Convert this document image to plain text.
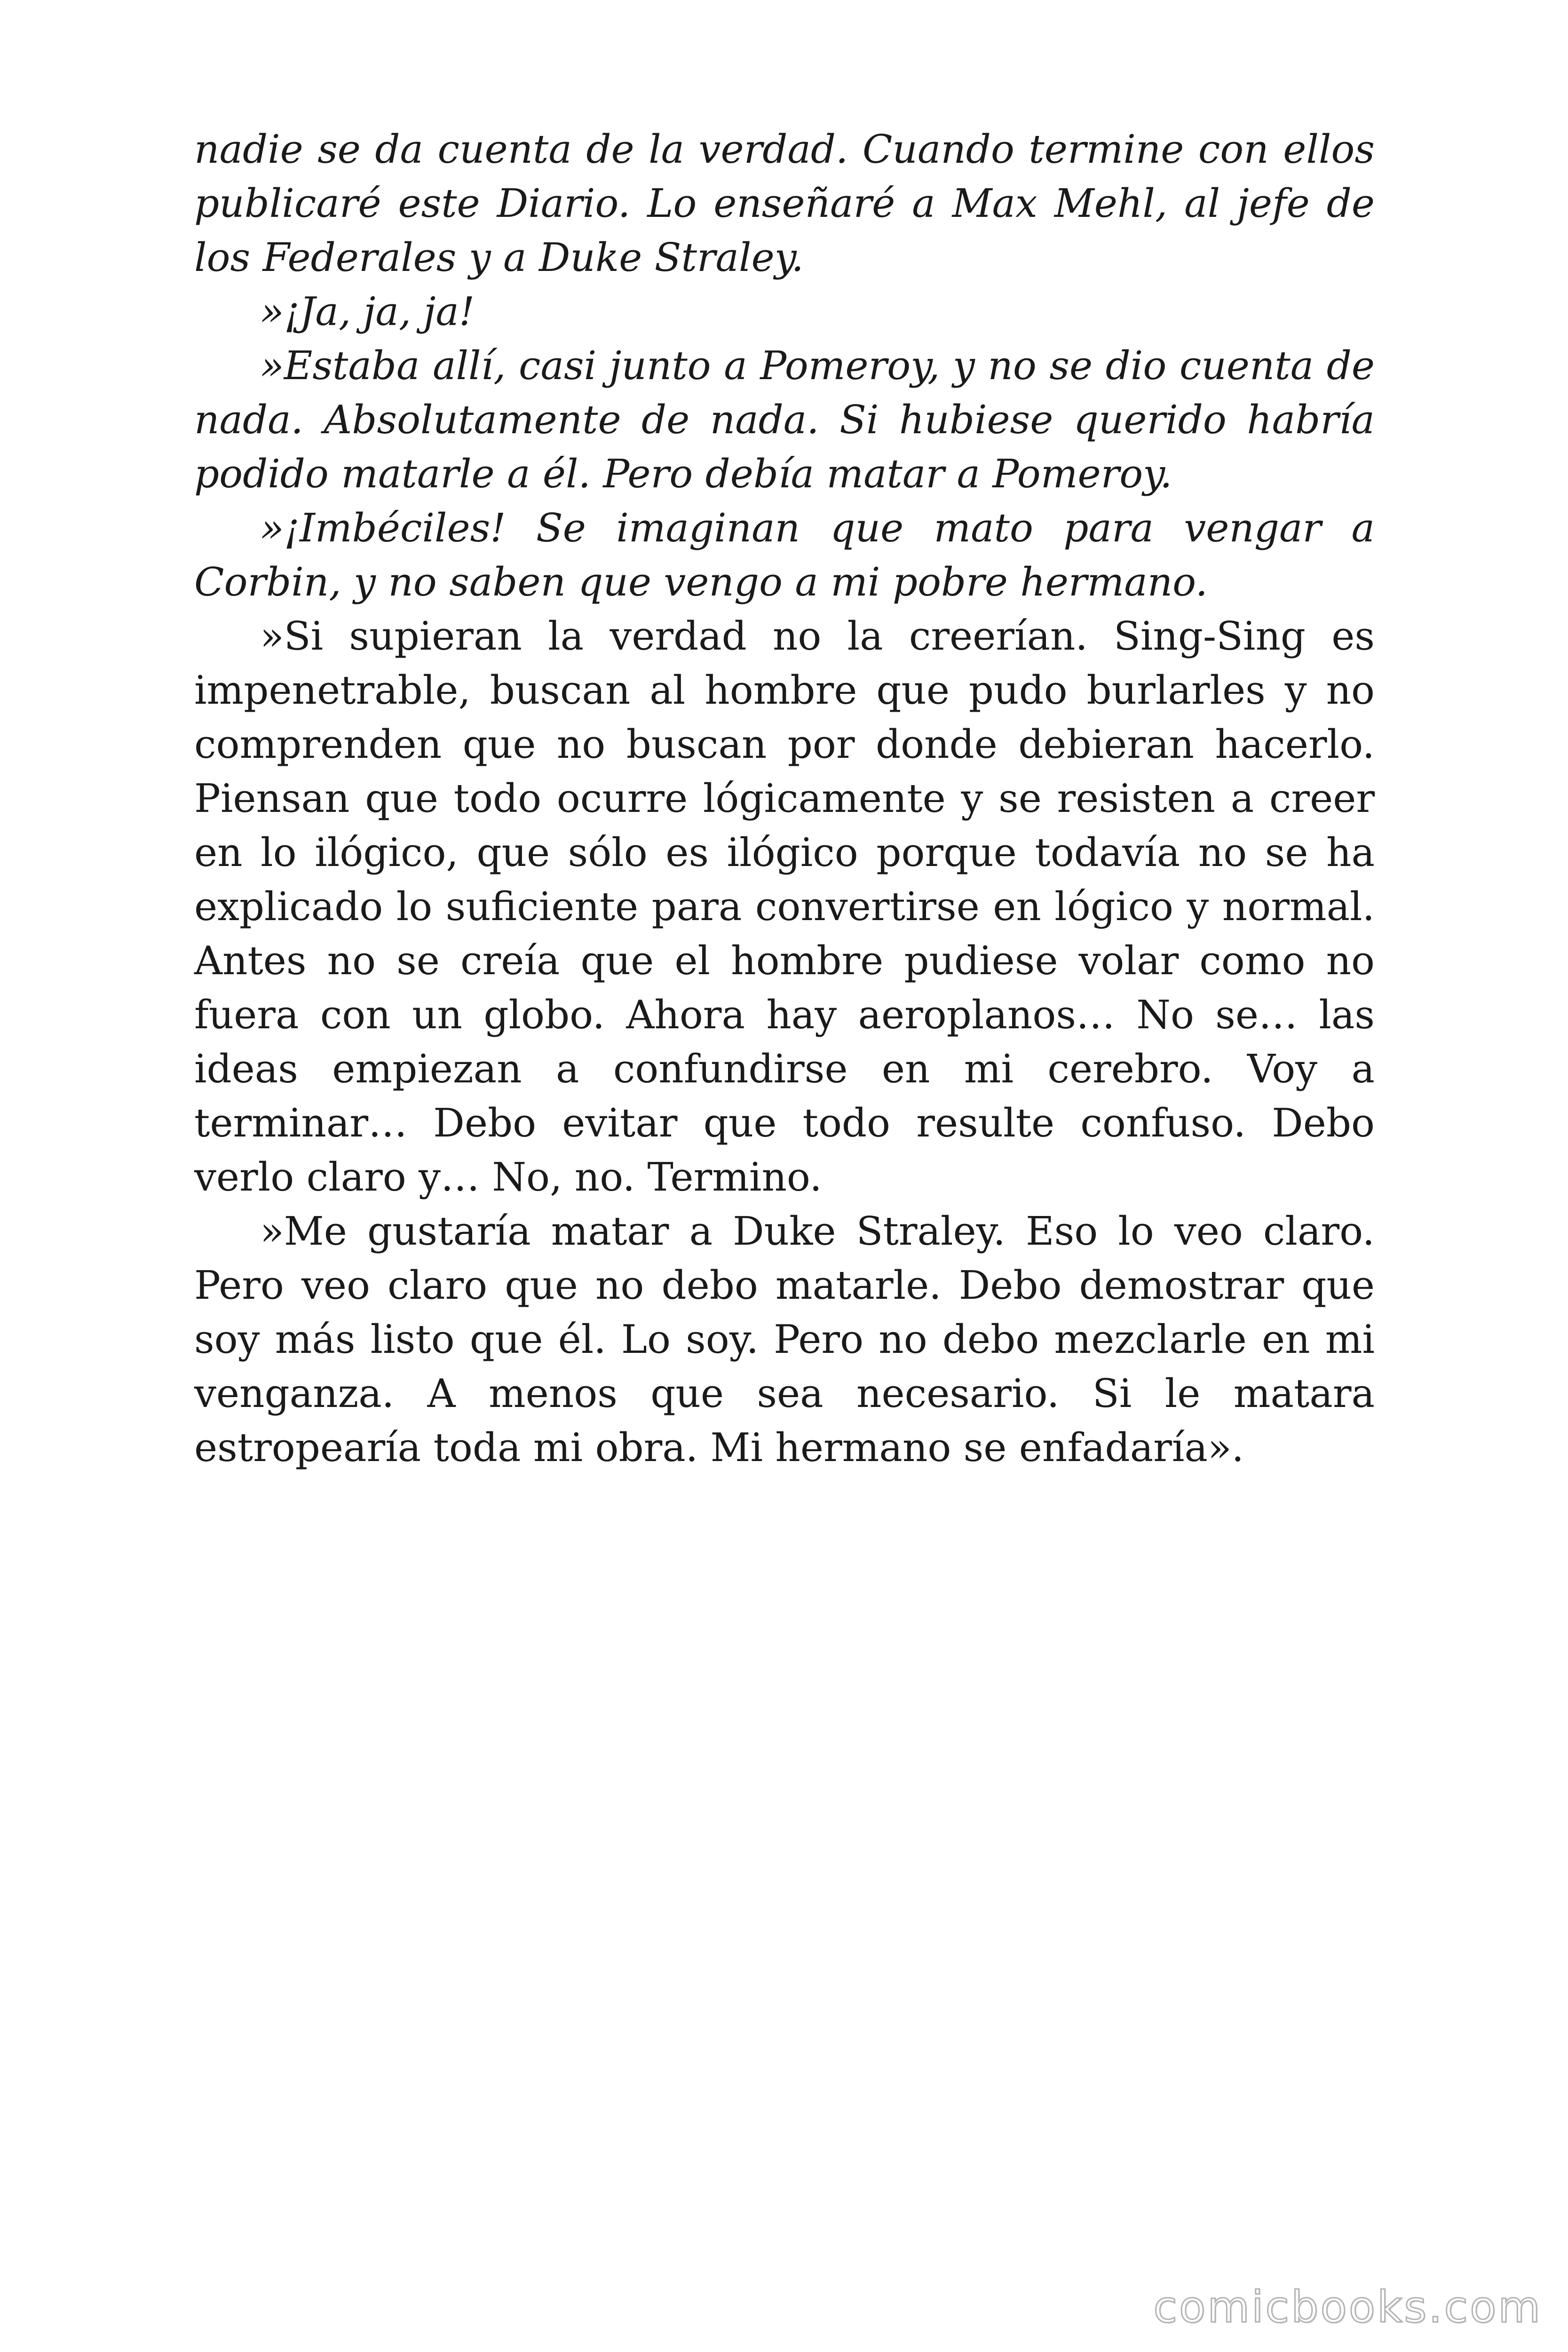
nadie se da cuenta de la verdad. Cuando termine con ellos publicaré este Diario. Lo enseñaré a Max Mehl, al jefe de los Federales y a Duke Straley.

»¡Ja, ja, ja!

»Estaba allí, casi junto a Pomeroy, y no se dio cuenta de nada. Absolutamente de nada. Si hubiese querido habría podido matarle a él. Pero debía matar a Pomeroy.

»¡Imbéciles! Se imaginan que mato para vengar a Corbin, y no saben que vengo a mi pobre hermano.

»Si supieran la verdad no la creerían. Sing-Sing es impenetrable, buscan al hombre que pudo burlarles y no comprenden que no buscan por donde debieran hacerlo. Piensan que todo ocurre lógicamente y se resisten a creer en lo ilógico, que sólo es ilógico porque todavía no se ha explicado lo suficiente para convertirse en lógico y normal. Antes no se creía que el hombre pudiese volar como no fuera con un globo. Ahora hay aeroplanos… No se… las ideas empiezan a confundirse en mi cerebro. Voy a terminar… Debo evitar que todo resulte confuso. Debo verlo claro y… No, no. Termino.

»Me gustaría matar a Duke Straley. Eso lo veo claro. Pero veo claro que no debo matarle. Debo demostrar que soy más listo que él. Lo soy. Pero no debo mezclarle en mi venganza. A menos que sea necesario. Si le matara estropearía toda mi obra. Mi hermano se enfadaría».

comicbooks.com
